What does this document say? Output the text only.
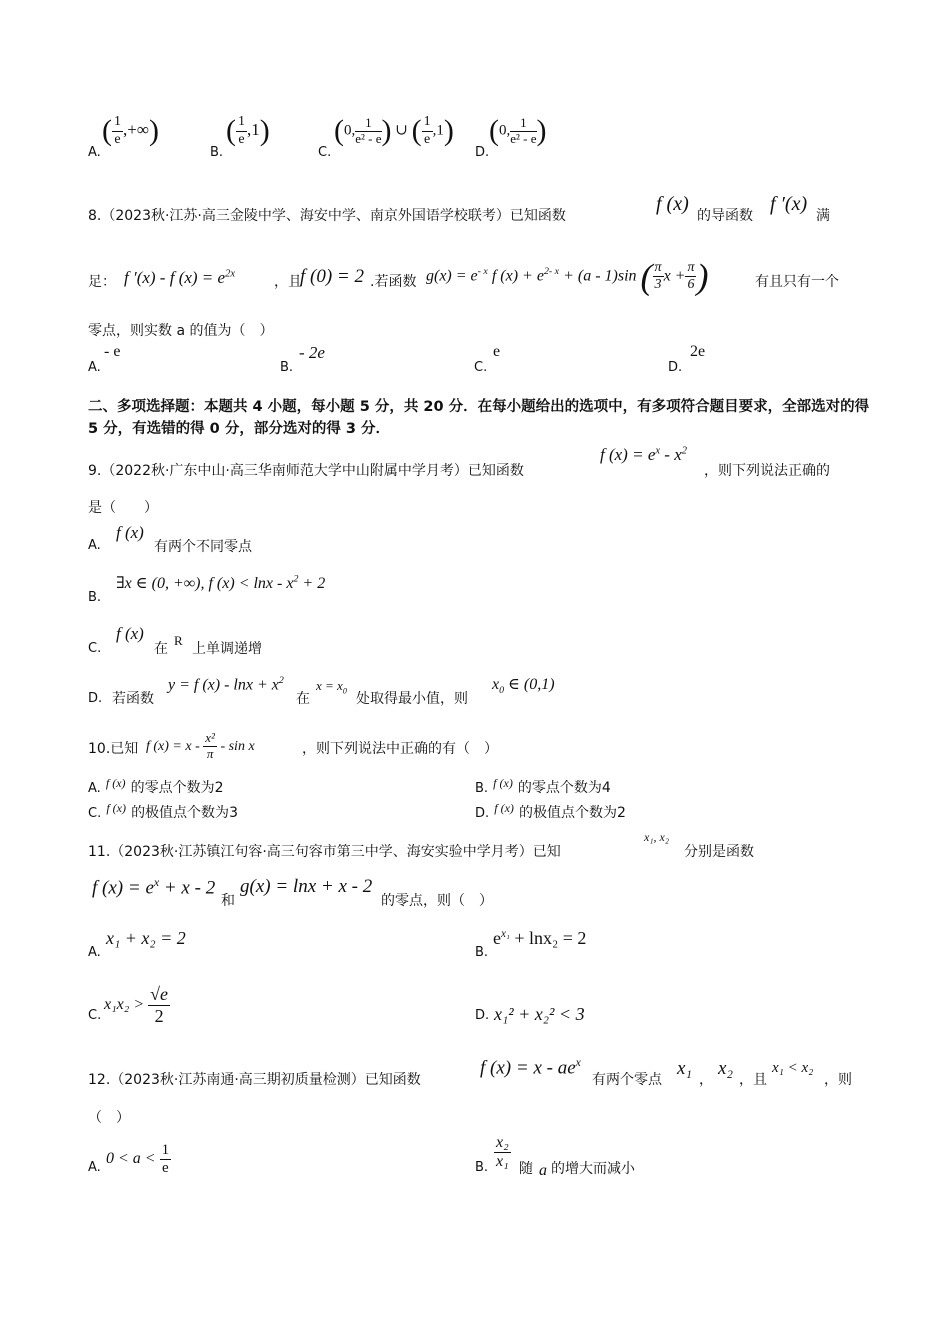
A.
( $\frac{1}{e}$ ,+∞)
B.
( $\frac{1}{e} ,1$)
C.
(0, $\frac{1}{\text{e² - e}}$ ) ∪ ( $\frac{1}{e} ,1$)
D.
(0, $\frac{1}{\text{e² - e}}$ )
8.（2023秋·江苏·高三金陵中学、海安中学、南京外国语学校联考）已知函数
f (x)
的导函数
f ′(x)
满
足： f ′(x) - f $(x) = e^{2x}$
，且
f (0) = 2 .若函数 $g(x) = e^{- x}$ f $(x) + e^{2- x} + (a - 1)\sin$ ( $\frac{\pi}{3}$ $x + \frac{\pi}{6}$ )	有且只有一个
零点，则实数 a 的值为（　）
A.
- e
B.
- 2e
C.
e
D.
2e
二、多项选择题：本题共 4 小题，每小题 5 分，共 20 分．在每小题给出的选项中，有多项符合题目要求，全部选对的得 5 分，有选错的得 0 分，部分选对的得 3 分．
9.（2022秋·广东中山·高三华南师范大学中山附属中学月考）已知函数
f $(x) = e^x - x^2$
，则下列说法正确的
是（　　）
A.
f (x)
有两个不同零点
B.
∃x ∈ (0, +∞), f $(x) < \ln x - x^2 + 2$
C.
f (x)
在
R
上单调递增
D. 若函数
y = f $(x) - \ln x + x^2$
在
$x = x_0$ 处取得最小值，则
$x_0$ ∈ (0,1)
10.已知 f $(x) = x - \frac{\text{x²}}{\pi} - \sin x$	，则下列说法中正确的有（　）
A. $^{f (x)}$ 的零点个数为2	B. $^{f (x)}$ 的零点个数为4
C. $^{f (x)}$ 的极值点个数为3	D. $^{f (x)}$ 的极值点个数为2
11.（2023秋·江苏镇江句容·高三句容市第三中学、海安实验中学月考）已知
x₁, x₂
分别是函数
f $(x) = e^x + x - 2$
和
g(x) = lnx + x - 2
的零点，则（　）
A.
x₁ + x₂ = 2
B.
$e^{x_1} + \ln x_2 = 2$
C.
$x_1x_2 > \frac{√e}{2}$	D. x₁² + x₂² < 3
12.（2023秋·江苏南通·高三期初质量检测）已知函数
f $(x) = x - ae^x$
有两个零点
x₁
，
x₂
，且
x₁ < x₂
，则
（　）
A.
$0 < a < \frac{1}{e}$	B. $\frac{\text{x₂}}{\text{x₁}}$ 随 a 的增大而减小
